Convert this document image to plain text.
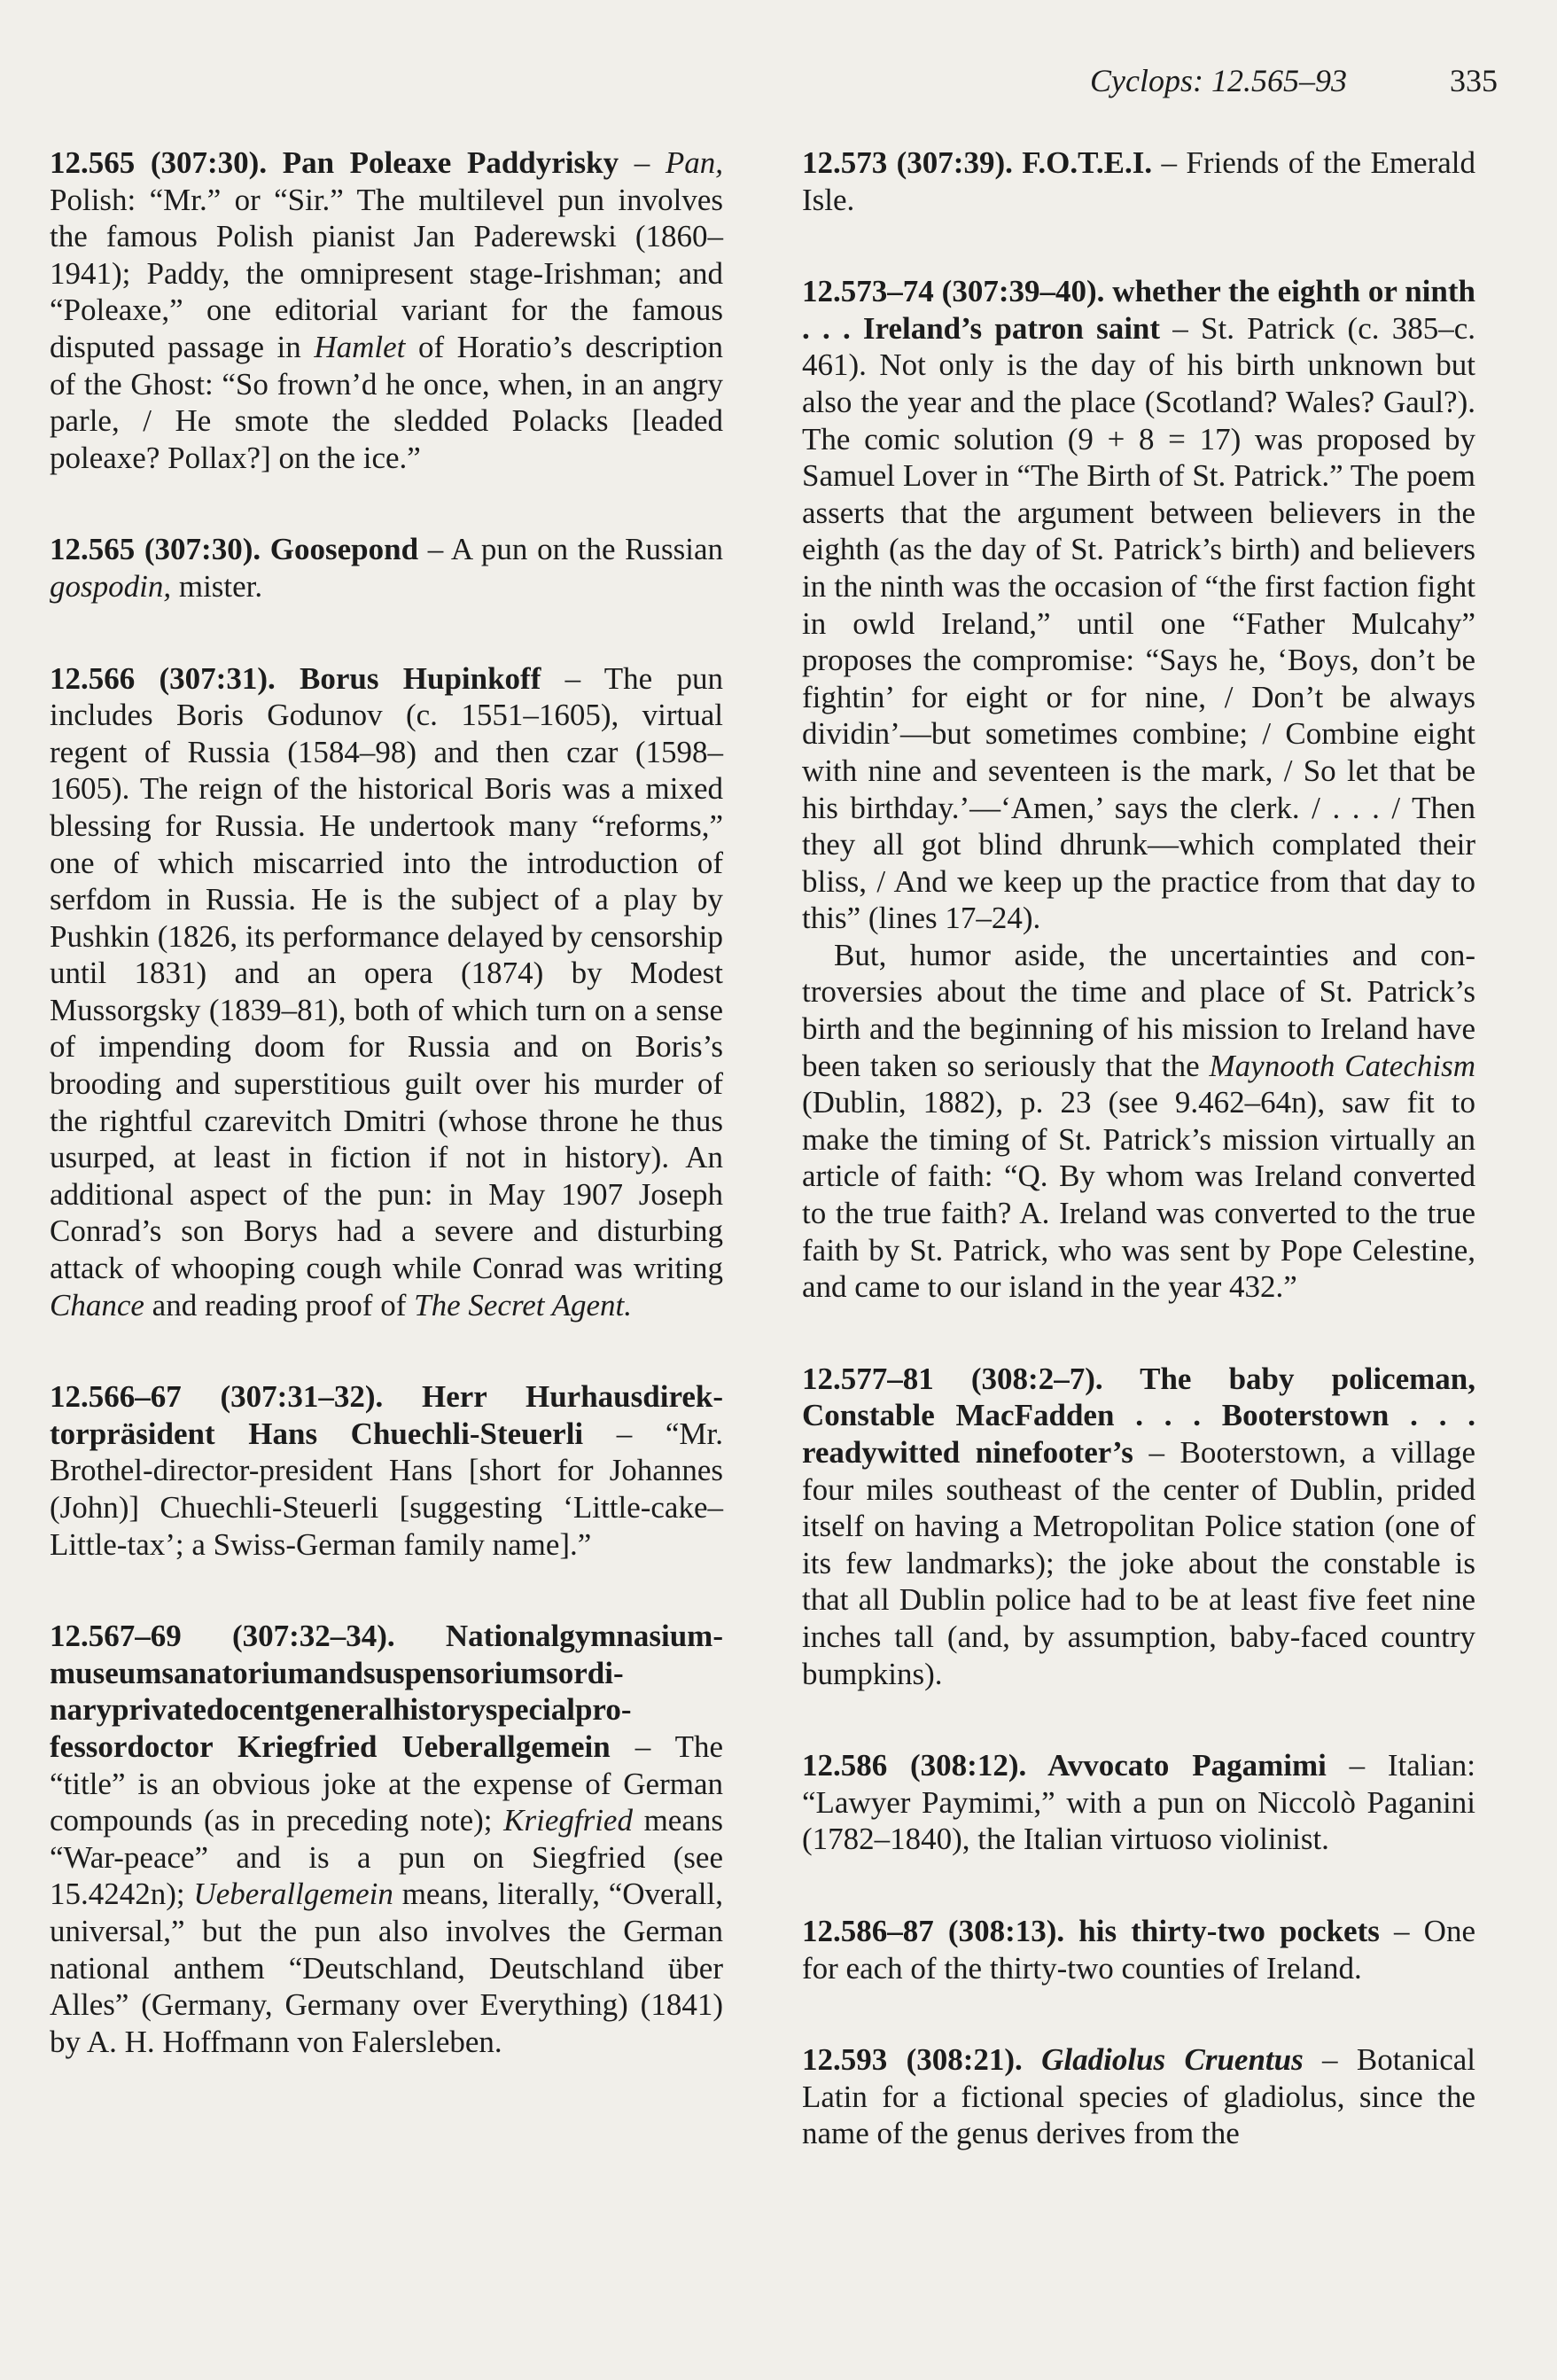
Cyclops: 12.565–93	335

12.565 (307:30). Pan Poleaxe Paddyrisky – Pan, Polish: “Mr.” or “Sir.” The multilevel pun involves the famous Polish pianist Jan Paderewski (1860–1941); Paddy, the omnipresent stage-Irishman; and “Poleaxe,” one editorial variant for the famous disputed passage in Hamlet of Horatio’s description of the Ghost: “So frown’d he once, when, in an angry parle, / He smote the sledded Polacks [leaded poleaxe? Pollax?] on the ice.”

12.565 (307:30). Goosepond – A pun on the Russian gospodin, mister.

12.566 (307:31). Borus Hupinkoff – The pun includes Boris Godunov (c. 1551–1605), virtual regent of Russia (1584–98) and then czar (1598–1605). The reign of the historical Boris was a mixed blessing for Russia. He undertook many “reforms,” one of which miscarried into the introduction of serfdom in Russia. He is the subject of a play by Pushkin (1826, its performance delayed by censorship until 1831) and an opera (1874) by Modest Mussorgsky (1839–81), both of which turn on a sense of impending doom for Russia and on Boris’s brooding and superstitious guilt over his murder of the rightful czarevitch Dmitri (whose throne he thus usurped, at least in fiction if not in history). An additional aspect of the pun: in May 1907 Joseph Conrad’s son Borys had a severe and disturbing attack of whooping cough while Conrad was writing Chance and reading proof of The Secret Agent.

12.566–67 (307:31–32). Herr Hurhausdirektorpräsident Hans Chuechli-Steuerli – “Mr. Brothel-director-president Hans [short for Johannes (John)] Chuechli-Steuerli [suggesting ‘Little-cake–Little-tax’; a Swiss-German family name].”

12.567–69 (307:32–34). Nationalgymnasiummuseumsanatoriumandsuspensoriumsordinaryprivatedocentgeneralhistoryspecialprofessordoctor Kriegfried Ueberallgemein – The “title” is an obvious joke at the expense of German compounds (as in preceding note); Kriegfried means “War-peace” and is a pun on Siegfried (see 15.4242n); Ueberallgemein means, literally, “Overall, universal,” but the pun also involves the German national anthem “Deutschland, Deutschland über Alles” (Germany, Germany over Everything) (1841) by A. H. Hoffmann von Falersleben.

12.573 (307:39). F.O.T.E.I. – Friends of the Emerald Isle.

12.573–74 (307:39–40). whether the eighth or ninth . . . Ireland’s patron saint – St. Patrick (c. 385–c. 461). Not only is the day of his birth unknown but also the year and the place (Scotland? Wales? Gaul?). The comic solution (9 + 8 = 17) was proposed by Samuel Lover in “The Birth of St. Patrick.” The poem asserts that the argument between believers in the eighth (as the day of St. Patrick’s birth) and believers in the ninth was the occasion of “the first faction fight in owld Ireland,” until one “Father Mulcahy” proposes the compromise: “Says he, ‘Boys, don’t be fightin’ for eight or for nine, / Don’t be always dividin’—but sometimes combine; / Combine eight with nine and seventeen is the mark, / So let that be his birthday.’—‘Amen,’ says the clerk. / . . . / Then they all got blind dhrunk—which complated their bliss, / And we keep up the practice from that day to this” (lines 17–24).

But, humor aside, the uncertainties and controversies about the time and place of St. Patrick’s birth and the beginning of his mission to Ireland have been taken so seriously that the Maynooth Catechism (Dublin, 1882), p. 23 (see 9.462–64n), saw fit to make the timing of St. Patrick’s mission virtually an article of faith: “Q. By whom was Ireland converted to the true faith? A. Ireland was converted to the true faith by St. Patrick, who was sent by Pope Celestine, and came to our island in the year 432.”

12.577–81 (308:2–7). The baby policeman, Constable MacFadden . . . Booterstown . . . readywitted ninefooter’s – Booterstown, a village four miles southeast of the center of Dublin, prided itself on having a Metropolitan Police station (one of its few landmarks); the joke about the constable is that all Dublin police had to be at least five feet nine inches tall (and, by assumption, baby-faced country bumpkins).

12.586 (308:12). Avvocato Pagamimi – Italian: “Lawyer Paymimi,” with a pun on Niccolò Paganini (1782–1840), the Italian virtuoso violinist.

12.586–87 (308:13). his thirty-two pockets – One for each of the thirty-two counties of Ireland.

12.593 (308:21). Gladiolus Cruentus – Botanical Latin for a fictional species of gladiolus, since the name of the genus derives from the
